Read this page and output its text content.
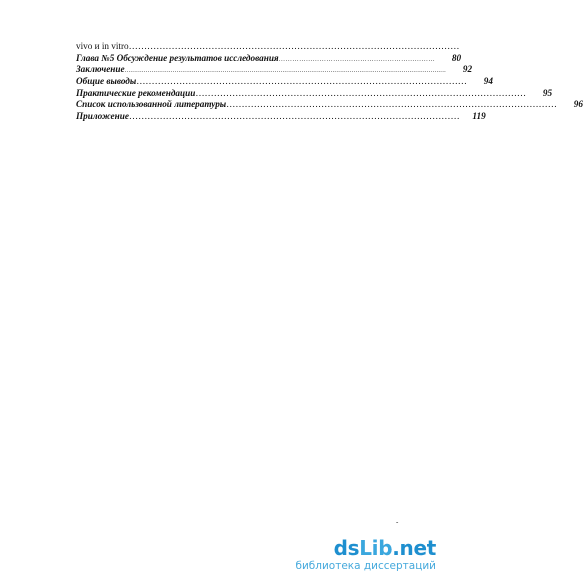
vivo и in vitro ………………………………………………………………………………………………
Глава №5 Обсуждение результатов исследования ……………………………………………………………	80
Заключение .......................................................................................................................................................................	92
Общие выводы ………………………………………………………………………………………………	94
Практические рекомендации ………………………………………………………………………………………………	95
Список использованной литературы ………………………………………………………………………………………………	96
Приложение ………………………………………………………………………………………………	119
-
dsLib.net
библиотека диссертаций
